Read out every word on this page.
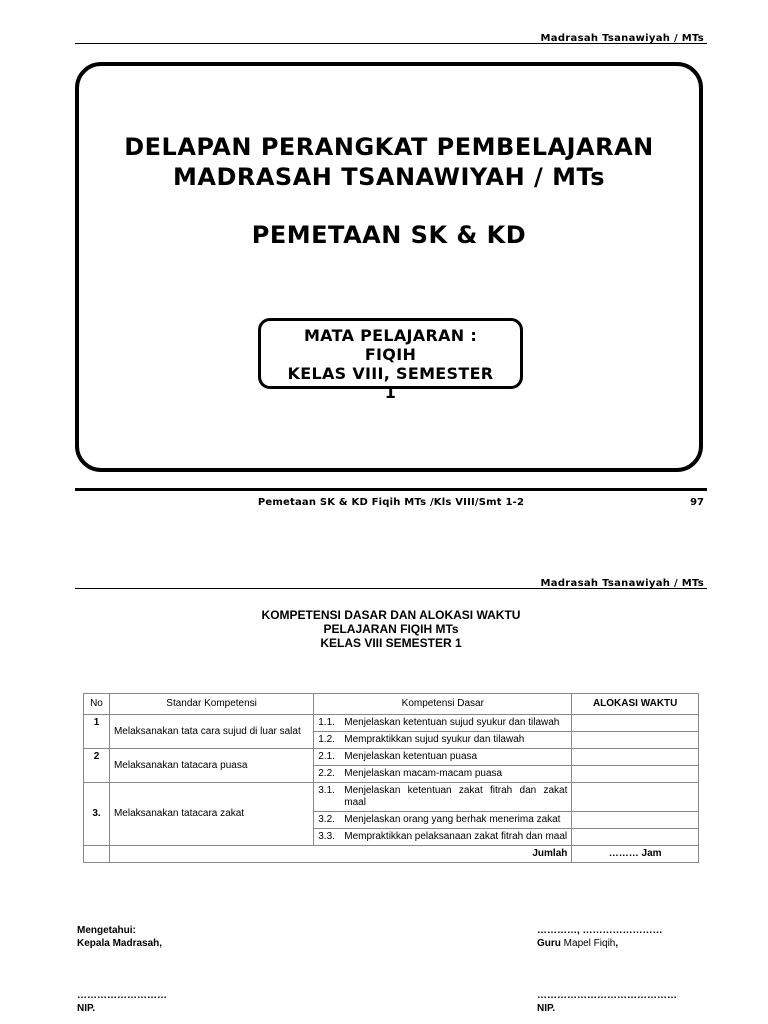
Madrasah Tsanawiyah / MTs
DELAPAN PERANGKAT PEMBELAJARAN
MADRASAH TSANAWIYAH / MTs
PEMETAAN SK & KD
MATA PELAJARAN :
FIQIH
KELAS VIII, SEMESTER
1
Pemetaan SK & KD Fiqih MTs /Kls VIII/Smt 1-2	97
Madrasah Tsanawiyah / MTs
KOMPETENSI DASAR DAN ALOKASI WAKTU
PELAJARAN FIQIH MTs
KELAS VIII SEMESTER 1
No	Standar Kompetensi	Kompetensi Dasar	ALOKASI WAKTU
1	Melaksanakan tata cara sujud di luar salat	1.1. Menjelaskan ketentuan sujud syukur dan tilawah	

		1.2. Mempraktikkan sujud syukur dan tilawah	

2	Melaksanakan tatacara puasa	2.1. Menjelaskan ketentuan puasa	

		2.2. Menjelaskan macam-macam puasa	

3.	Melaksanakan tatacara zakat	3.1. Menjelaskan ketentuan zakat fitrah dan zakat maal	

		3.2. Menjelaskan orang yang berhak menerima zakat	

		3.3. Mempraktikkan pelaksanaan zakat fitrah dan maal	

	Jumlah		……… Jam
Mengetahui:
Kepala Madrasah,
………………………
NIP.
…………, ……………………
Guru Mapel Fiqih,
……………………………………
NIP.
